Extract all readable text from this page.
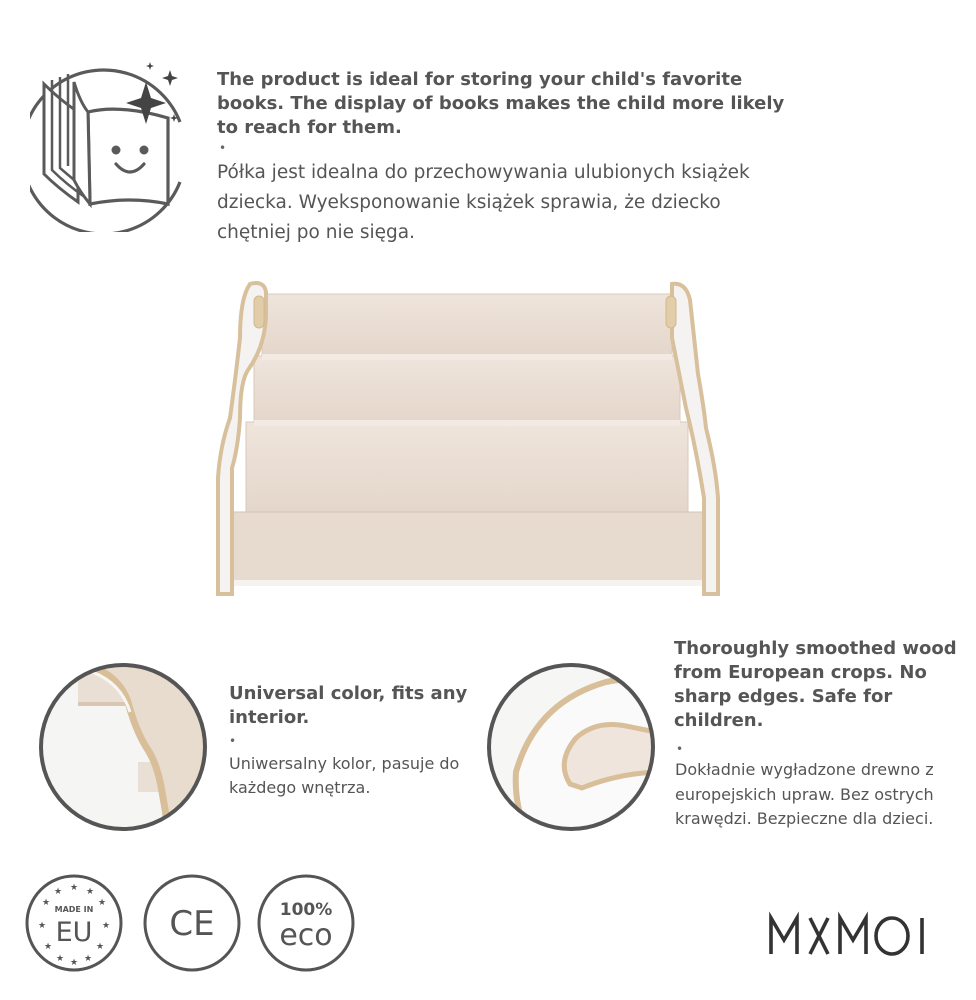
The product is ideal for storing your child's favorite books. The display of books makes the child more likely to reach for them.
•
Półka jest idealna do przechowywania ulubionych książek dziecka. Wyeksponowanie książek sprawia, że dziecko chętniej po nie sięga.
Universal color, fits any interior.
•
Uniwersalny kolor, pasuje do każdego wnętrza.
Thoroughly smoothed wood from European crops. No sharp edges. Safe for children.
•
Dokładnie wygładzone drewno z europejskich upraw. Bez ostrych krawędzi. Bezpieczne dla dzieci.
★ ★
★
★
★
★
★
★
★
★
★ ★
MADE IN
EU CE	100%
eco
